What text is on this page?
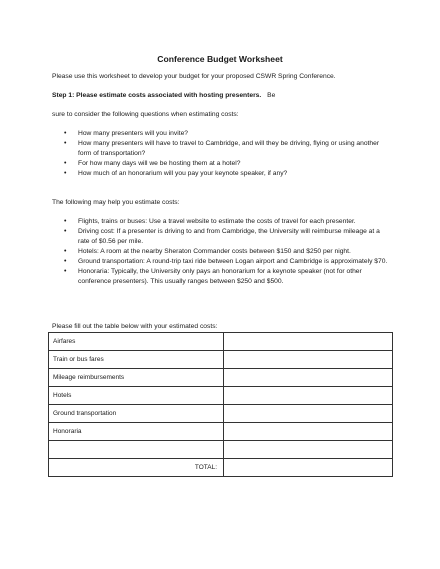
Conference Budget Worksheet
Please use this worksheet to develop your budget for your proposed CSWR Spring Conference.
Step 1: Please estimate costs associated with hosting presenters. Be
sure to consider the following questions when estimating costs:
• How many presenters will you invite?
• How many presenters will have to travel to Cambridge, and will they be driving, flying or using another form of transportation?
• For how many days will we be hosting them at a hotel?
• How much of an honorarium will you pay your keynote speaker, if any?
The following may help you estimate costs:
• Flights, trains or buses: Use a travel website to estimate the costs of travel for each presenter.
• Driving cost: If a presenter is driving to and from Cambridge, the University will reimburse mileage at a rate of $0.56 per mile.
• Hotels: A room at the nearby Sheraton Commander costs between $150 and $250 per night.
• Ground transportation: A round-trip taxi ride between Logan airport and Cambridge is approximately $70.
• Honoraria: Typically, the University only pays an honorarium for a keynote speaker (not for other conference presenters). This usually ranges between $250 and $500.
Please fill out the table below with your estimated costs:
Airfares	
Train or bus fares	
Mileage reimbursements	
Hotels	
Ground transportation	
Honoraria	

TOTAL:	
